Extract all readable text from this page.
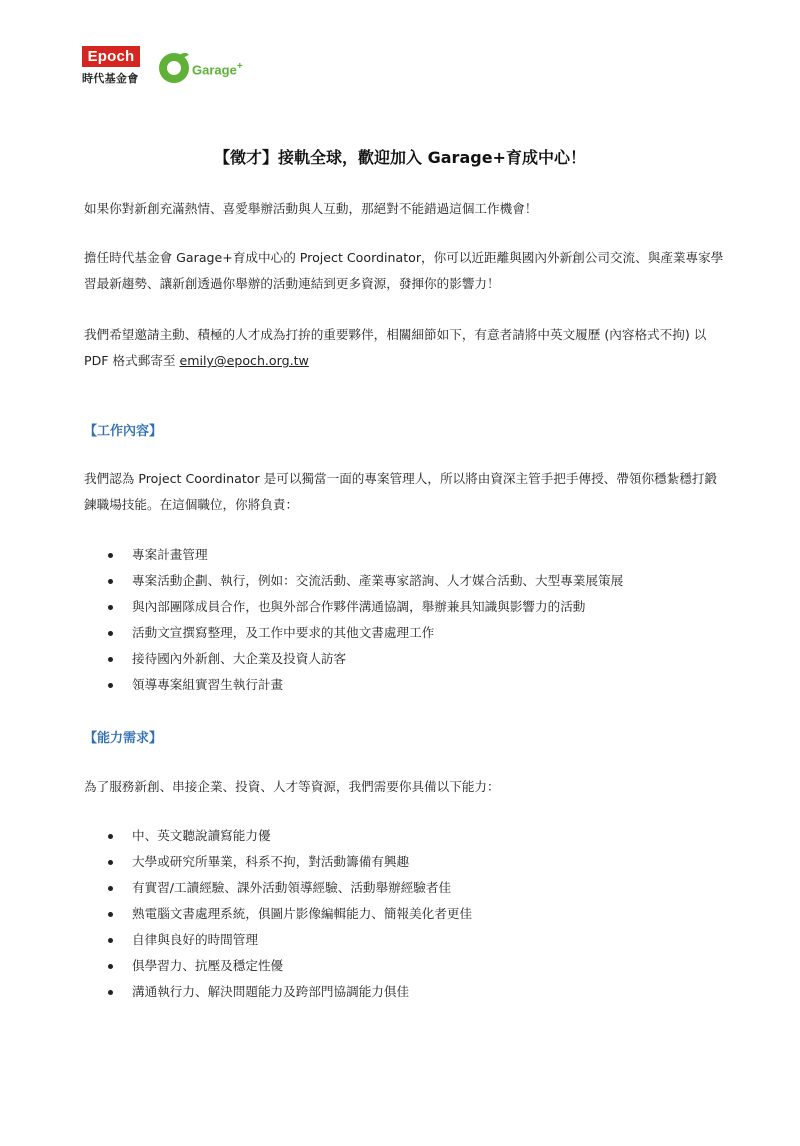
Epoch
時代基金會
Garage+
【徵才】接軌全球，歡迎加入 Garage+育成中心！
如果你對新創充滿熱情、喜愛舉辦活動與人互動，那絕對不能錯過這個工作機會！
擔任時代基金會 Garage+育成中心的 Project Coordinator，你可以近距離與國內外新創公司交流、與產業專家學習最新趨勢、讓新創透過你舉辦的活動連結到更多資源，發揮你的影響力！
我們希望邀請主動、積極的人才成為打拚的重要夥伴，相關細節如下，有意者請將中英文履歷 (內容格式不拘) 以 PDF 格式郵寄至 emily@epoch.org.tw
【工作內容】
我們認為 Project Coordinator 是可以獨當一面的專案管理人，所以將由資深主管手把手傳授、帶領你穩紮穩打鍛鍊職場技能。在這個職位，你將負責：
專案計畫管理
專案活動企劃、執行，例如：交流活動、產業專家諮詢、人才媒合活動、大型專業展策展
與內部團隊成員合作，也與外部合作夥伴溝通協調，舉辦兼具知識與影響力的活動
活動文宣撰寫整理，及工作中要求的其他文書處理工作
接待國內外新創、大企業及投資人訪客
領導專案組實習生執行計畫
【能力需求】
為了服務新創、串接企業、投資、人才等資源，我們需要你具備以下能力：
中、英文聽說讀寫能力優
大學或研究所畢業，科系不拘，對活動籌備有興趣
有實習/工讀經驗、課外活動領導經驗、活動舉辦經驗者佳
熟電腦文書處理系統，俱圖片影像編輯能力、簡報美化者更佳
自律與良好的時間管理
俱學習力、抗壓及穩定性優
溝通執行力、解決問題能力及跨部門協調能力俱佳
